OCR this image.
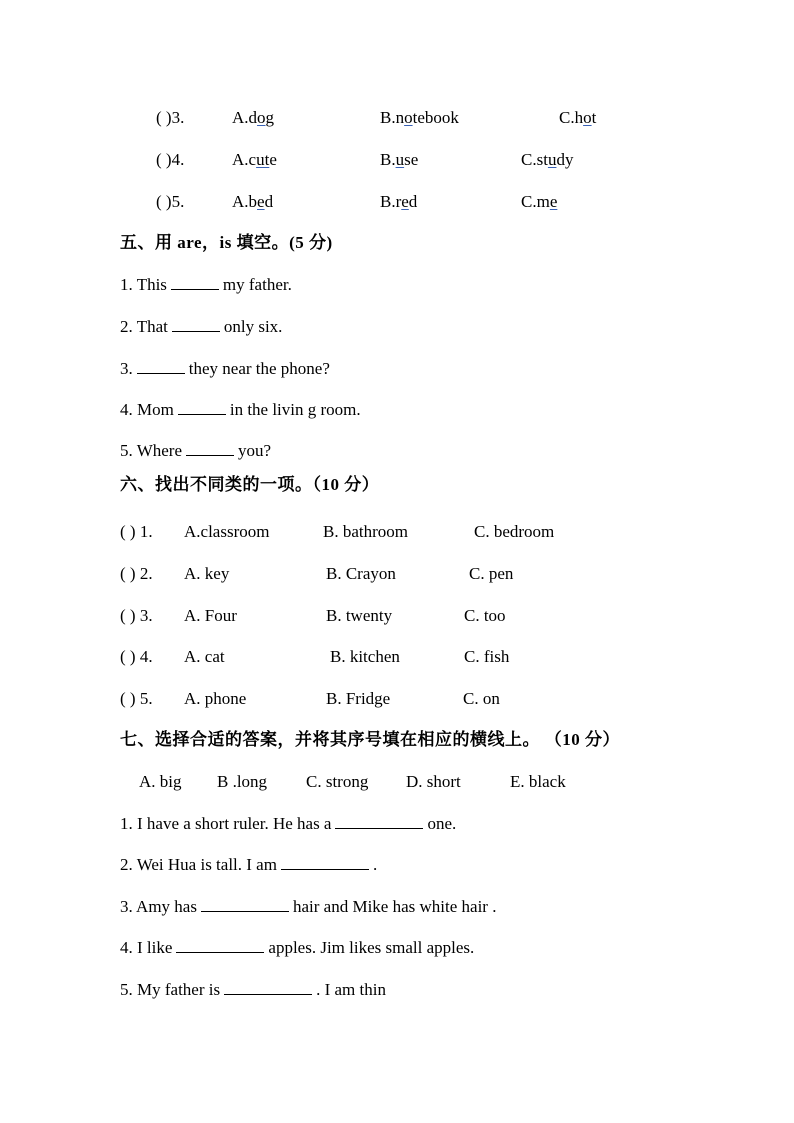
( )3.	A.dog	B.notebook	C.hot
( )4.	A.cute	B.use	C.study
( )5.	A.bed	B.red	C.me
五、用 are，is 填空。(5 分)
1. This	my father.
2. That	only six.
3.	they near the phone?
4. Mom	in the livin g room.
5. Where	you?
六、找出不同类的一项。（10 分）
( ) 1. A.classroom	B. bathroom	C. bedroom
( ) 2. A. key	B. Crayon	C. pen
( ) 3. A. Four	B. twenty	C. too
( ) 4. A. cat	B. kitchen	C. fish
( ) 5. A. phone	B. Fridge	C. on
七、选择合适的答案，并将其序号填在相应的横线上。 （10 分）
A. big B .long C. strong D. short	E. black
1. I have a short ruler. He has a	one.
2. Wei Hua is tall. I am	.
3. Amy has	hair and Mike has white hair .
4. I like	apples. Jim likes small apples.
5. My father is	. I am thin
